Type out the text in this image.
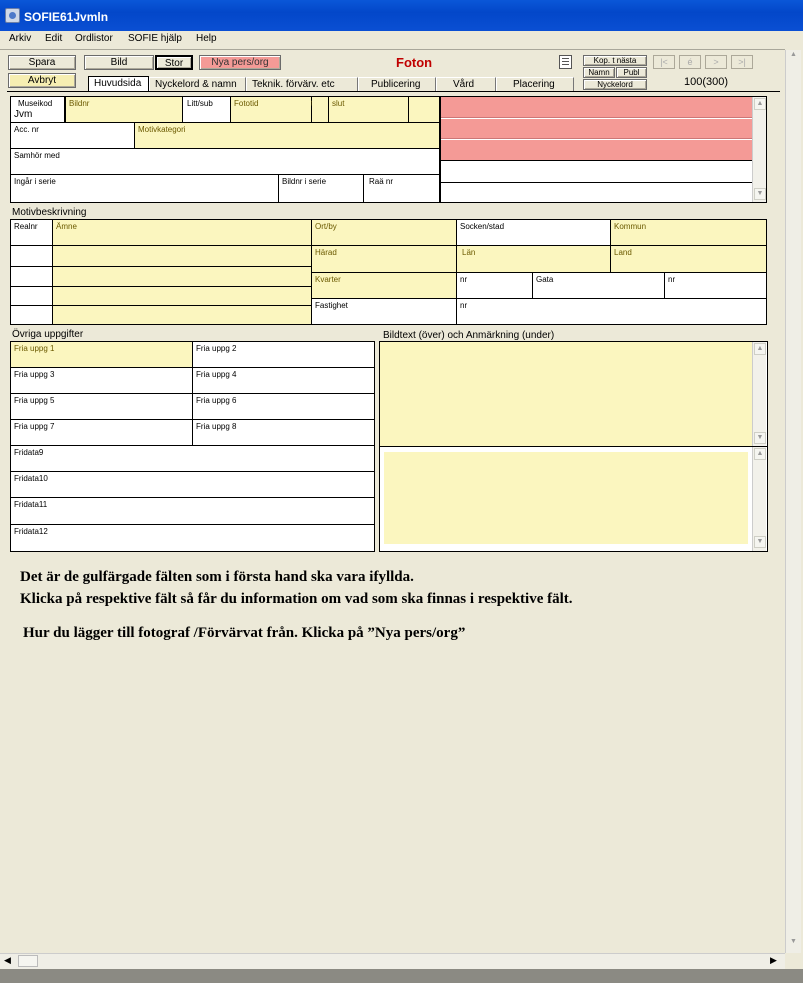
SOFIE61Jvmln
Arkiv Edit Ordlistor SOFIE hjälp Help
Spara	Bild	Stor	Nya pers/org
Avbryt
Foton	Kop. t nästa
Namn	Publ
Nyckelord
|<	é	>	>|
100(300)
Huvudsida	Nyckelord & namn	Teknik. förvärv. etc	Publicering	Vård	Placering
Museikod
Jvm
Bildnr	Litt/sub	Fototid	slut
Acc. nr	Motivkategori
Samhör med
Ingår i serie	Bildnr i serie	Raä nr
▲
▼
Motivbeskrivning
Realnr Ämne	Ort/by	Socken/stad	Kommun
Härad	Län	Land
Kvarter	nr	Gata	nr
Fastighet	nr
Övriga uppgifter
Fria uppg 1	Fria uppg 2
Fria uppg 3	Fria uppg 4
Fria uppg 5	Fria uppg 6
Fria uppg 7	Fria uppg 8
Fridata9
Fridata10
Fridata11
Fridata12
Bildtext (över) och Anmärkning (under)
▲
▼
▲
▼
Det är de gulfärgade fälten som i första hand ska vara ifyllda.
Klicka på respektive fält så får du information om vad som ska finnas i respektive fält.
Hur du lägger till fotograf /Förvärvat från. Klicka på ”Nya pers/org”
▲
▼
◀	▶
